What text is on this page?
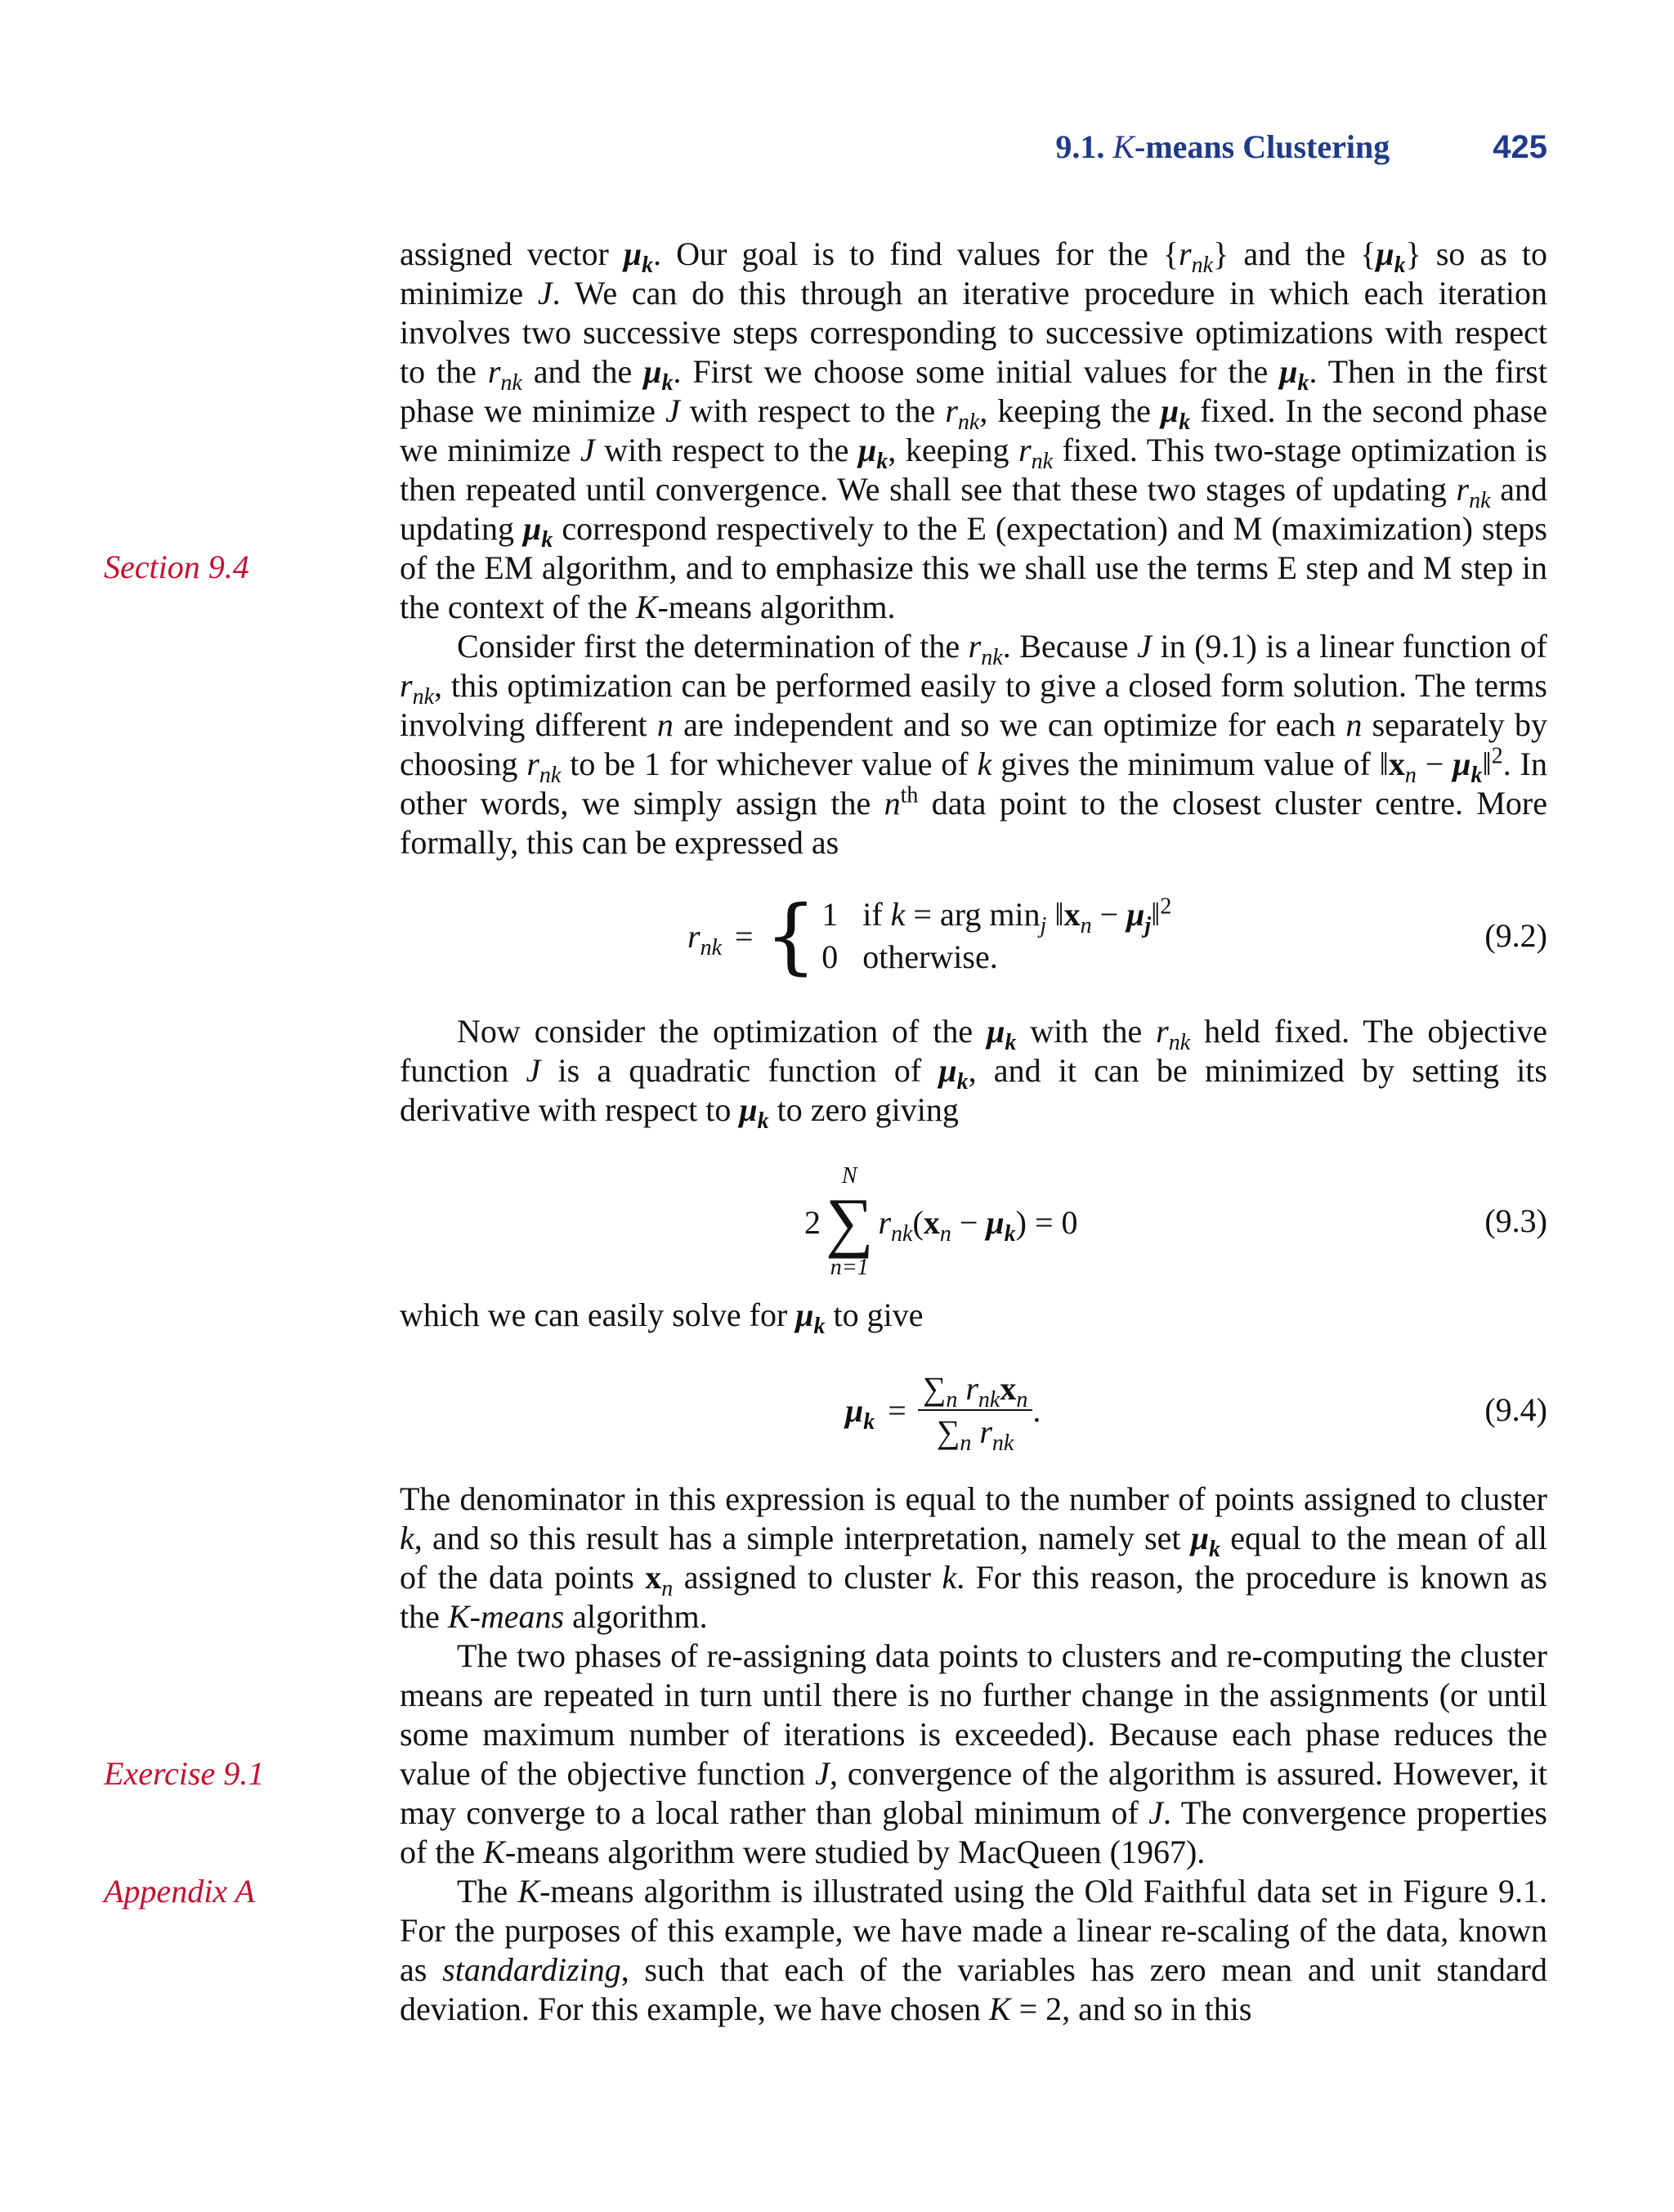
9.1. K-means Clustering	425
Section 9.4
Exercise 9.1
Appendix A

assigned vector $\mu_k$. Our goal is to find values for the $\{r_{nk}\}$ and the $\{\mu_k\}$ so as to minimize J. We can do this through an iterative procedure in which each iteration involves two successive steps corresponding to successive optimizations with respect to the $r_{nk}$ and the $\mu_k$. First we choose some initial values for the $\mu_k$. Then in the first phase we minimize J with respect to the $r_{nk}$, keeping the $\mu_k$ fixed. In the second phase we minimize J with respect to the $\mu_k$, keeping $r_{nk}$ fixed. This two-stage optimization is then repeated until convergence. We shall see that these two stages of updating $r_{nk}$ and updating $\mu_k$ correspond respectively to the E (expectation) and M (maximization) steps of the EM algorithm, and to emphasize this we shall use the terms E step and M step in the context of the K-means algorithm.

Consider first the determination of the $r_{nk}$. Because J in (9.1) is a linear function of $r_{nk}$, this optimization can be performed easily to give a closed form solution. The terms involving different n are independent and so we can optimize for each n separately by choosing $r_{nk}$ to be 1 for whichever value of k gives the minimum value of $‖x_n$ − $\mu_k‖^2$. In other words, we simply assign the $n^{th}$ data point to the closest cluster centre. More formally, this can be expressed as

$r_{nk}$ = { 1 if k = arg $\min_j$ $‖x_n$ − $\mu_j‖^2$
0 otherwise.
(9.2)

Now consider the optimization of the $\mu_k$ with the $r_{nk}$ held fixed. The objective function J is a quadratic function of $\mu_k$, and it can be minimized by setting its derivative with respect to $\mu_k$ to zero giving

2
N
∑
n=1
$r_{nk}(x_n - \mu_k) = 0$	(9.3)

which we can easily solve for $\mu_k$ to give

$\mu_k = \frac{\sum_n r_{nk}x_n}{\sum_n r_{nk}}$ .	(9.4)

The denominator in this expression is equal to the number of points assigned to cluster k, and so this result has a simple interpretation, namely set $\mu_k$ equal to the mean of all of the data points $x_n$ assigned to cluster k. For this reason, the procedure is known as the K-means algorithm.

The two phases of re-assigning data points to clusters and re-computing the cluster means are repeated in turn until there is no further change in the assignments (or until some maximum number of iterations is exceeded). Because each phase reduces the value of the objective function J, convergence of the algorithm is assured. However, it may converge to a local rather than global minimum of J. The convergence properties of the K-means algorithm were studied by MacQueen (1967).

The K-means algorithm is illustrated using the Old Faithful data set in Figure 9.1. For the purposes of this example, we have made a linear re-scaling of the data, known as standardizing, such that each of the variables has zero mean and unit standard deviation. For this example, we have chosen K = 2, and so in this
